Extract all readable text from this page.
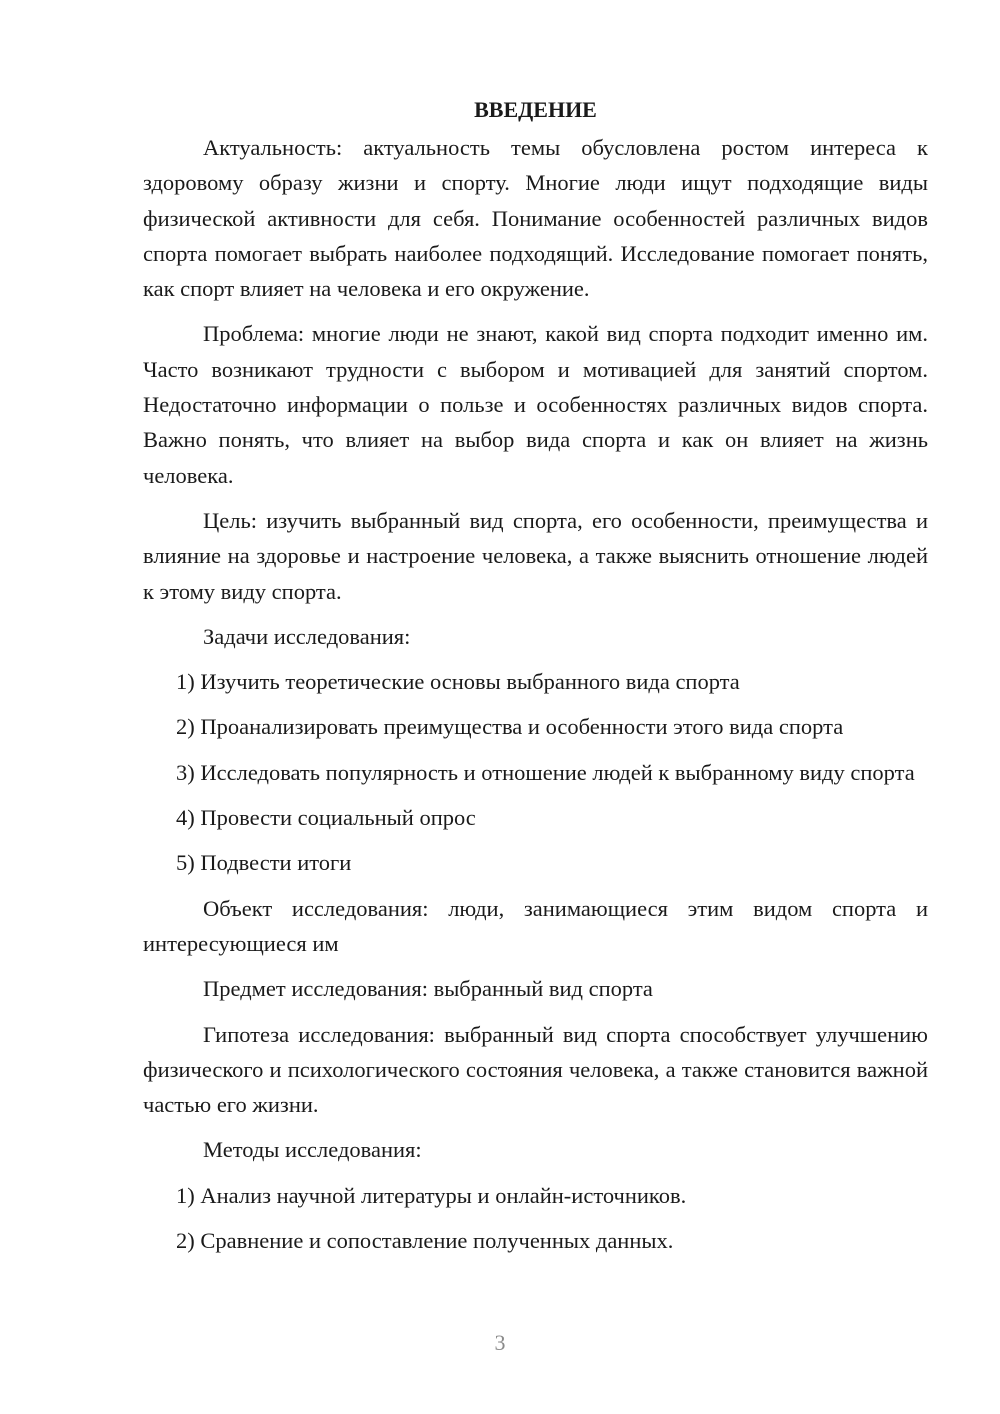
ВВЕДЕНИЕ

Актуальность: актуальность темы обусловлена ростом интереса к здоровому образу жизни и спорту. Многие люди ищут подходящие виды физической активности для себя. Понимание особенностей различных видов спорта помогает выбрать наиболее подходящий. Исследование помогает понять, как спорт влияет на человека и его окружение.

Проблема: многие люди не знают, какой вид спорта подходит именно им. Часто возникают трудности с выбором и мотивацией для занятий спортом. Недостаточно информации о пользе и особенностях различных видов спорта. Важно понять, что влияет на выбор вида спорта и как он влияет на жизнь человека.

Цель: изучить выбранный вид спорта, его особенности, преимущества и влияние на здоровье и настроение человека, а также выяснить отношение людей к этому виду спорта.

Задачи исследования:

1) Изучить теоретические основы выбранного вида спорта

2) Проанализировать преимущества и особенности этого вида спорта

3) Исследовать популярность и отношение людей к выбранному виду спорта

4) Провести социальный опрос

5) Подвести итоги

Объект исследования: люди, занимающиеся этим видом спорта и интересующиеся им

Предмет исследования: выбранный вид спорта

Гипотеза исследования: выбранный вид спорта способствует улучшению физического и психологического состояния человека, а также становится важной частью его жизни.

Методы исследования:

1) Анализ научной литературы и онлайн-источников.

2) Сравнение и сопоставление полученных данных.

3
